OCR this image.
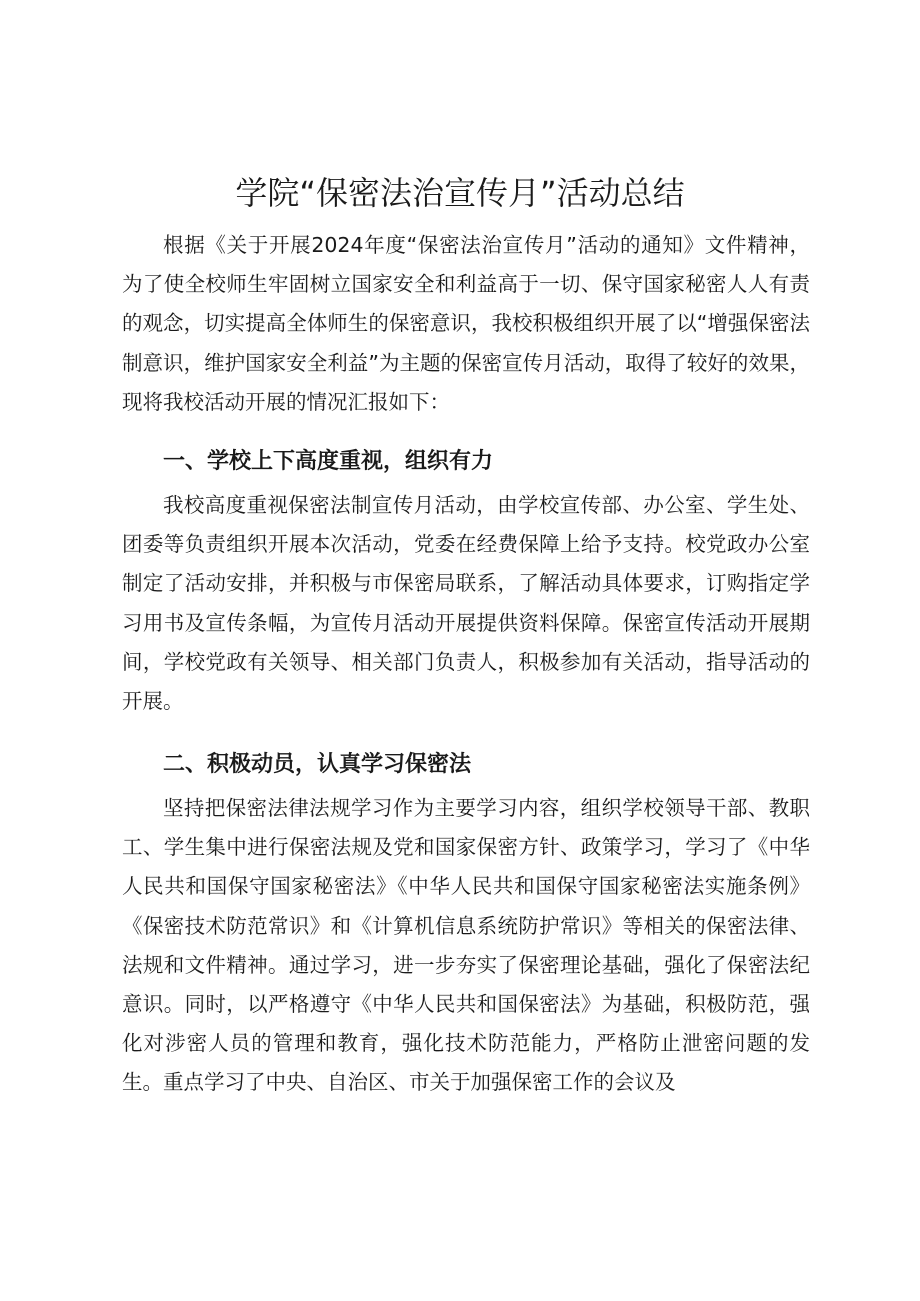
学院“保密法治宣传月”活动总结

根据《关于开展2024年度“保密法治宣传月”活动的通知》文件精神，为了使全校师生牢固树立国家安全和利益高于一切、保守国家秘密人人有责的观念，切实提高全体师生的保密意识，我校积极组织开展了以“增强保密法制意识，维护国家安全利益”为主题的保密宣传月活动，取得了较好的效果，现将我校活动开展的情况汇报如下：

一、学校上下高度重视，组织有力

我校高度重视保密法制宣传月活动，由学校宣传部、办公室、学生处、团委等负责组织开展本次活动，党委在经费保障上给予支持。校党政办公室制定了活动安排，并积极与市保密局联系，了解活动具体要求，订购指定学习用书及宣传条幅，为宣传月活动开展提供资料保障。保密宣传活动开展期间，学校党政有关领导、相关部门负责人，积极参加有关活动，指导活动的开展。

二、积极动员，认真学习保密法

坚持把保密法律法规学习作为主要学习内容，组织学校领导干部、教职工、学生集中进行保密法规及党和国家保密方针、政策学习，学习了《中华人民共和国保守国家秘密法》《中华人民共和国保守国家秘密法实施条例》《保密技术防范常识》和《计算机信息系统防护常识》等相关的保密法律、法规和文件精神。通过学习，进一步夯实了保密理论基础，强化了保密法纪意识。同时，以严格遵守《中华人民共和国保密法》为基础，积极防范，强化对涉密人员的管理和教育，强化技术防范能力，严格防止泄密问题的发生。重点学习了中央、自治区、市关于加强保密工作的会议及
